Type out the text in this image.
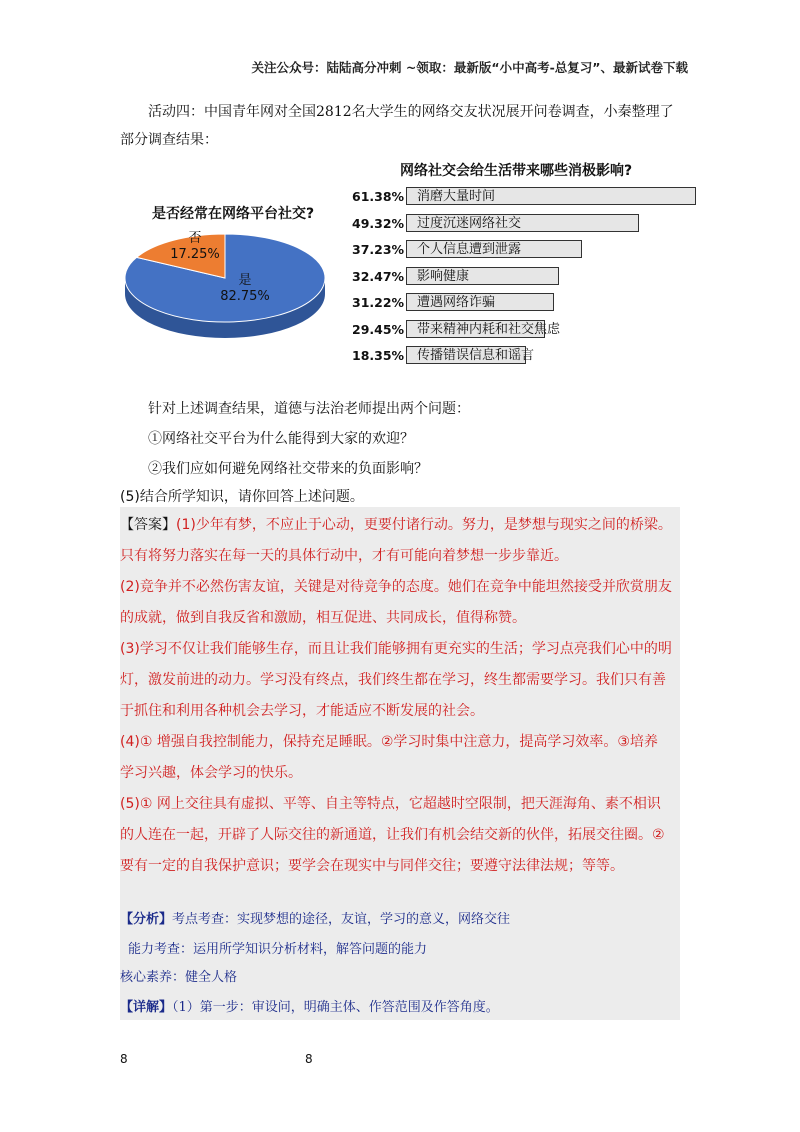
关注公众号：陆陆高分冲刺 ~领取：最新版“小中高考-总复习”、最新试卷下载
活动四：中国青年网对全国2812名大学生的网络交友状况展开问卷调查，小秦整理了部分调查结果：
是否经常在网络平台社交?
是
82.75%
否
17.25%
网络社交会给生活带来哪些消极影响?
61.38% 消磨大量时间
49.32% 过度沉迷网络社交
37.23% 个人信息遭到泄露
32.47% 影响健康
31.22% 遭遇网络诈骗
29.45% 带来精神内耗和社交焦虑
18.35% 传播错误信息和谣言
针对上述调查结果，道德与法治老师提出两个问题：
①网络社交平台为什么能得到大家的欢迎？
②我们应如何避免网络社交带来的负面影响？
(5)结合所学知识，请你回答上述问题。
【答案】(1)少年有梦，不应止于心动，更要付诸行动。努力，是梦想与现实之间的桥梁。
只有将努力落实在每一天的具体行动中，才有可能向着梦想一步步靠近。
(2)竞争并不必然伤害友谊，关键是对待竞争的态度。她们在竞争中能坦然接受并欣赏朋友
的成就，做到自我反省和激励，相互促进、共同成长，值得称赞。
(3)学习不仅让我们能够生存，而且让我们能够拥有更充实的生活；学习点亮我们心中的明
灯，激发前进的动力。学习没有终点，我们终生都在学习，终生都需要学习。我们只有善
于抓住和利用各种机会去学习，才能适应不断发展的社会。
(4)① 增强自我控制能力，保持充足睡眠。②学习时集中注意力，提高学习效率。③培养
学习兴趣，体会学习的快乐。
(5)① 网上交往具有虚拟、平等、自主等特点，它超越时空限制，把天涯海角、素不相识
的人连在一起，开辟了人际交往的新通道，让我们有机会结交新的伙伴，拓展交往圈。②
要有一定的自我保护意识；要学会在现实中与同伴交往；要遵守法律法规；等等。
【分析】考点考查：实现梦想的途径，友谊，学习的意义，网络交往
能力考查：运用所学知识分析材料，解答问题的能力
核心素养：健全人格
【详解】（1）第一步：审设问，明确主体、作答范围及作答角度。
8	8
